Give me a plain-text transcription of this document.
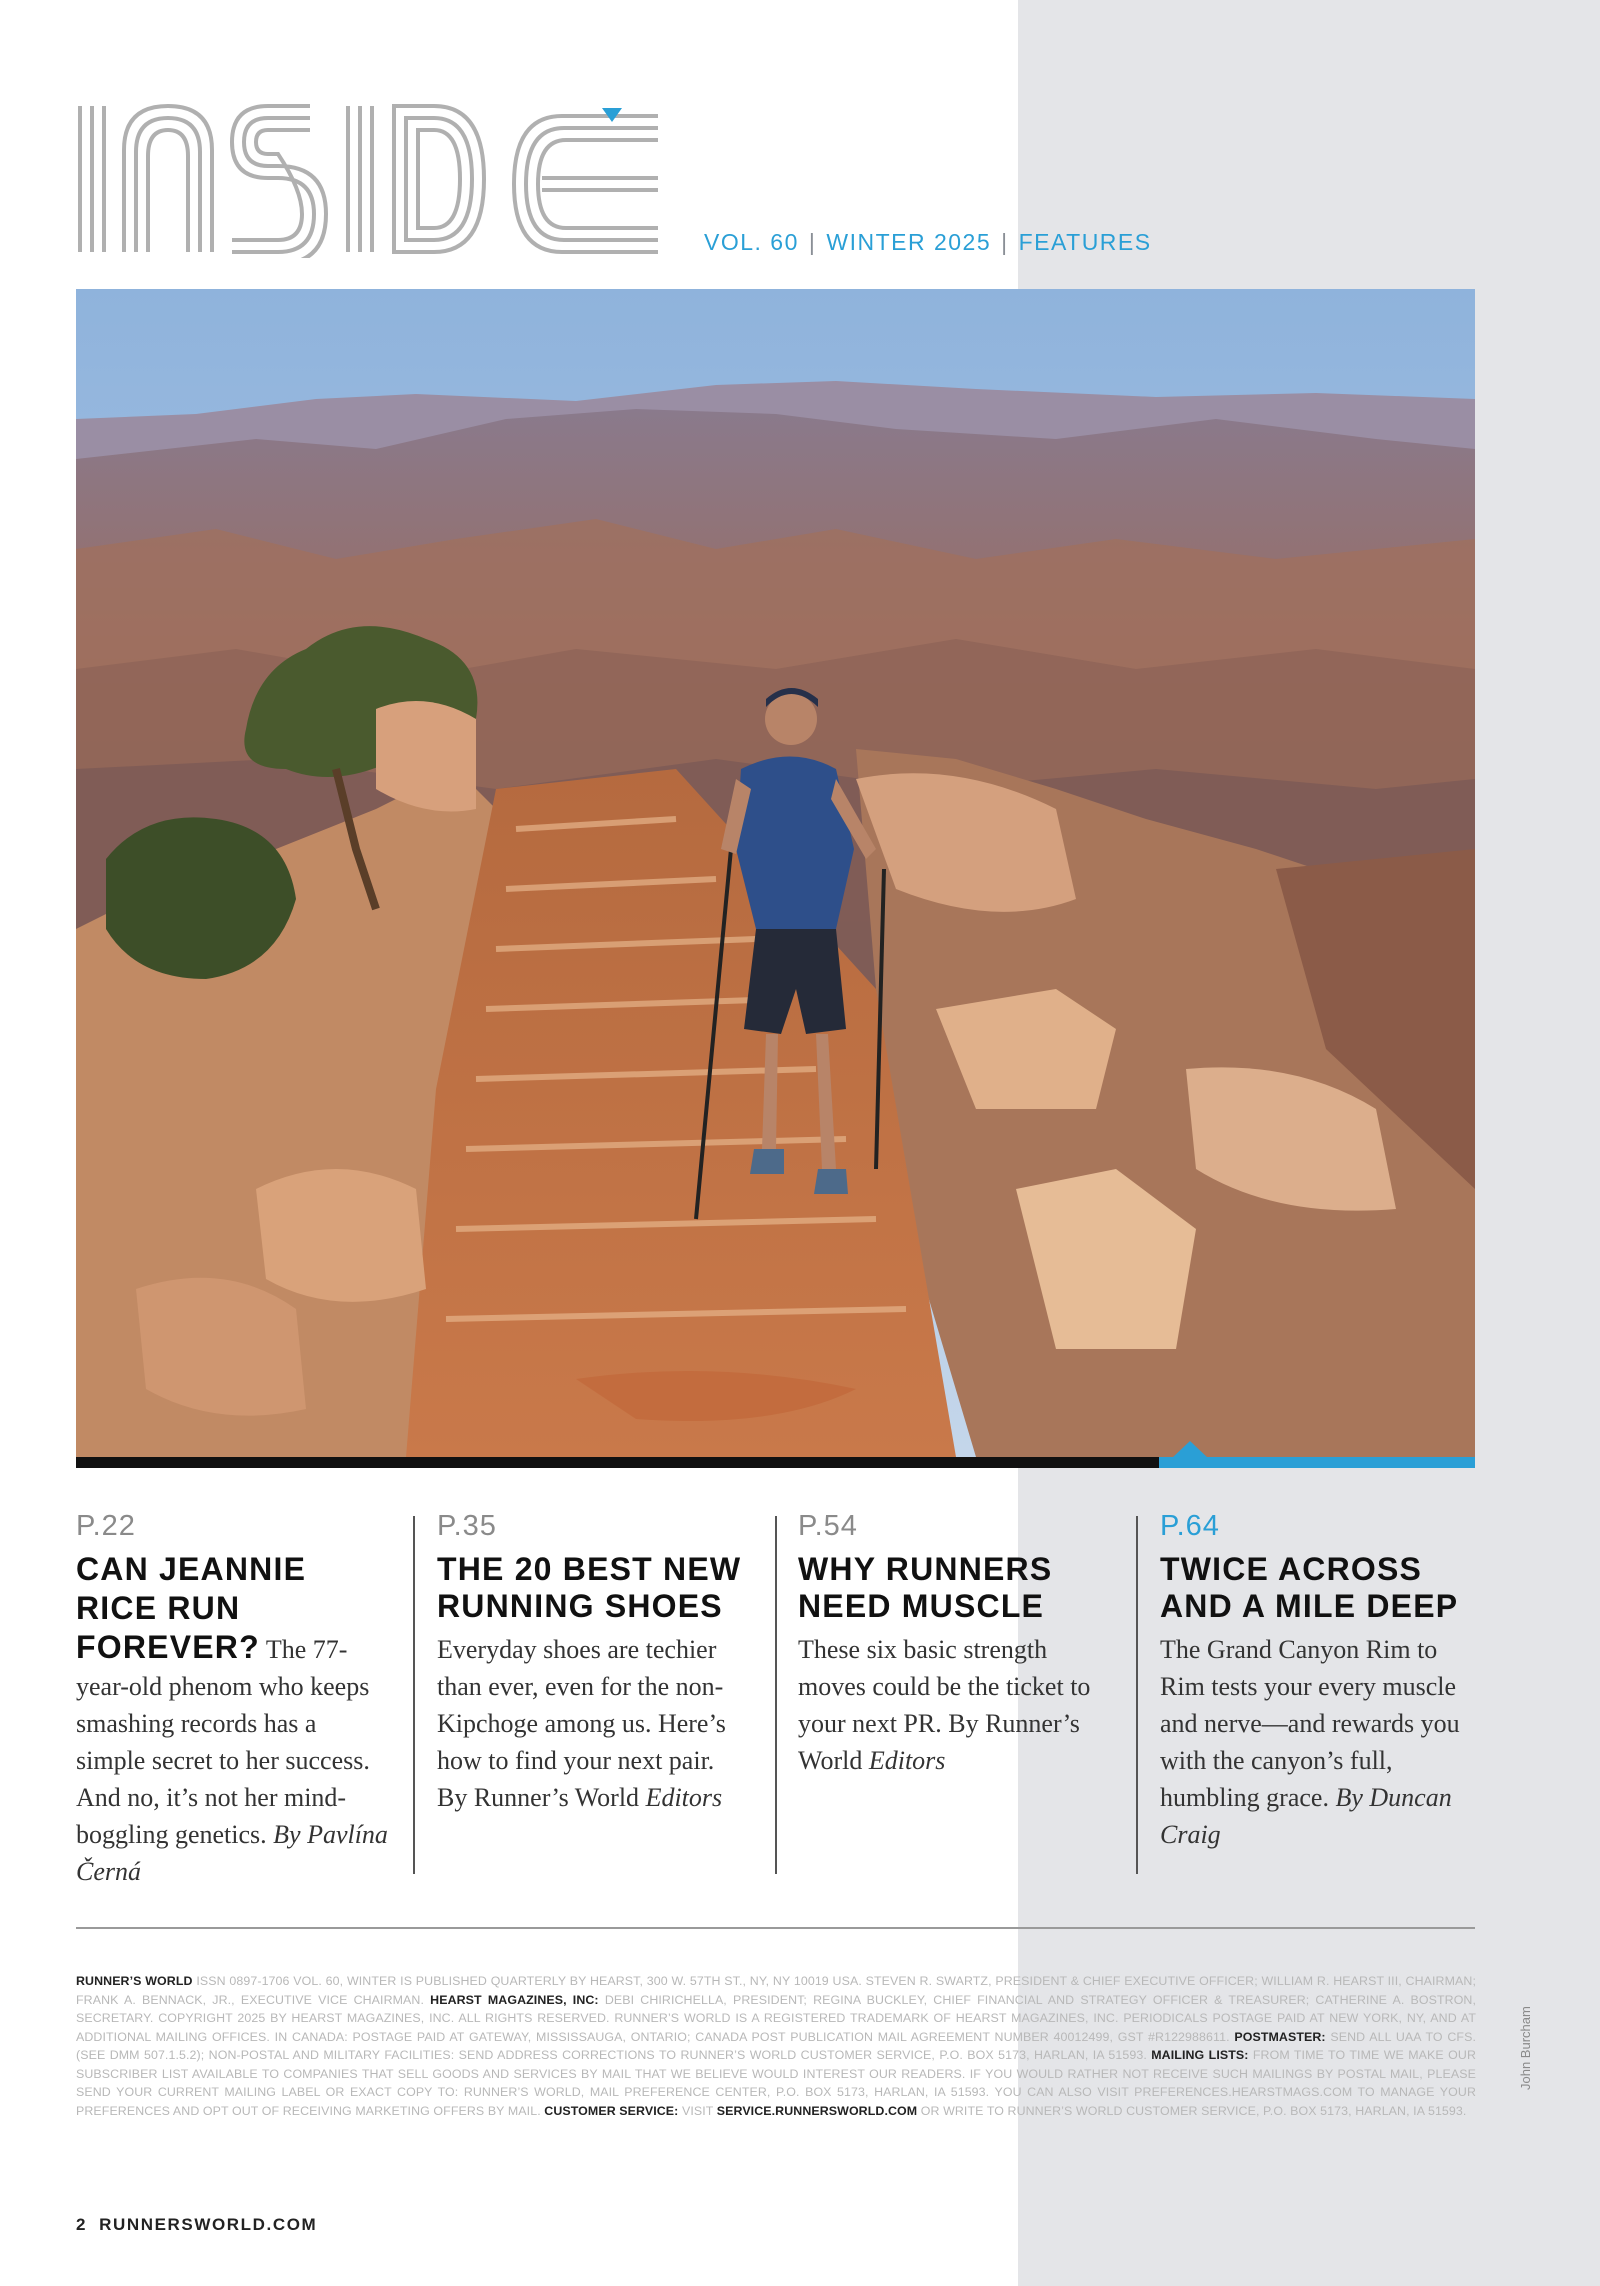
VOL. 60 | WINTER 2025 | FEATURES
P.22
CAN JEANNIE RICE RUN FOREVER? The 77-year-old phenom who keeps smashing records has a simple secret to her success. And no, it’s not her mind-boggling genetics. By Pavlína Černá
P.35
THE 20 BEST NEW RUNNING SHOES
Everyday shoes are techier than ever, even for the non-Kipchoge among us. Here’s how to find your next pair. By Runner’s World Editors
P.54
WHY RUNNERS NEED MUSCLE
These six basic strength moves could be the ticket to your next PR. By Runner’s World Editors
P.64
TWICE ACROSS AND A MILE DEEP
The Grand Canyon Rim to Rim tests your every muscle and nerve—and rewards you with the canyon’s full, humbling grace. By Duncan Craig
RUNNER’S WORLD ISSN 0897-1706 VOL. 60, WINTER IS PUBLISHED QUARTERLY BY HEARST, 300 W. 57TH ST., NY, NY 10019 USA. STEVEN R. SWARTZ, PRESIDENT & CHIEF EXECUTIVE OFFICER; WILLIAM R. HEARST III, CHAIRMAN; FRANK A. BENNACK, JR., EXECUTIVE VICE CHAIRMAN. HEARST MAGAZINES, INC: DEBI CHIRICHELLA, PRESIDENT; REGINA BUCKLEY, CHIEF FINANCIAL AND STRATEGY OFFICER & TREASURER; CATHERINE A. BOSTRON, SECRETARY. COPYRIGHT 2025 BY HEARST MAGAZINES, INC. ALL RIGHTS RESERVED. RUNNER’S WORLD IS A REGISTERED TRADEMARK OF HEARST MAGAZINES, INC. PERIODICALS POSTAGE PAID AT NEW YORK, NY, AND AT ADDITIONAL MAILING OFFICES. IN CANADA: POSTAGE PAID AT GATEWAY, MISSISSAUGA, ONTARIO; CANADA POST PUBLICATION MAIL AGREEMENT NUMBER 40012499, GST #R122988611. POSTMASTER: SEND ALL UAA TO CFS. (SEE DMM 507.1.5.2); NON-POSTAL AND MILITARY FACILITIES: SEND ADDRESS CORRECTIONS TO RUNNER’S WORLD CUSTOMER SERVICE, P.O. BOX 5173, HARLAN, IA 51593. MAILING LISTS: FROM TIME TO TIME WE MAKE OUR SUBSCRIBER LIST AVAILABLE TO COMPANIES THAT SELL GOODS AND SERVICES BY MAIL THAT WE BELIEVE WOULD INTEREST OUR READERS. IF YOU WOULD RATHER NOT RECEIVE SUCH MAILINGS BY POSTAL MAIL, PLEASE SEND YOUR CURRENT MAILING LABEL OR EXACT COPY TO: RUNNER’S WORLD, MAIL PREFERENCE CENTER, P.O. BOX 5173, HARLAN, IA 51593. YOU CAN ALSO VISIT PREFERENCES.HEARSTMAGS.COM TO MANAGE YOUR PREFERENCES AND OPT OUT OF RECEIVING MARKETING OFFERS BY MAIL. CUSTOMER SERVICE: VISIT SERVICE.RUNNERSWORLD.COM OR WRITE TO RUNNER’S WORLD CUSTOMER SERVICE, P.O. BOX 5173, HARLAN, IA 51593.
John Burcham
2 RUNNERSWORLD.COM
